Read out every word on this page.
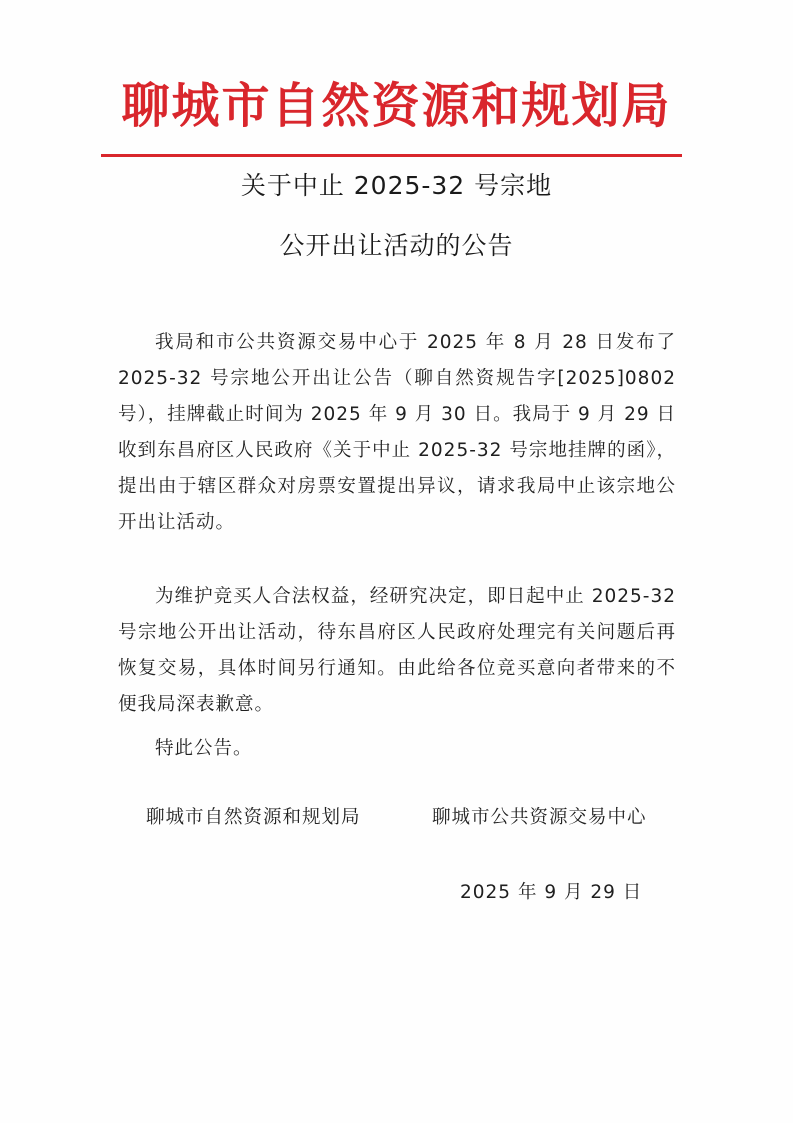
聊城市自然资源和规划局
关于中止 2025-32 号宗地
公开出让活动的公告
我局和市公共资源交易中心于 2025 年 8 月 28 日发布了 2025-32 号宗地公开出让公告（聊自然资规告字[2025]0802 号），挂牌截止时间为 2025 年 9 月 30 日。我局于 9 月 29 日收到东昌府区人民政府《关于中止 2025-32 号宗地挂牌的函》，提出由于辖区群众对房票安置提出异议，请求我局中止该宗地公开出让活动。
为维护竞买人合法权益，经研究决定，即日起中止 2025-32 号宗地公开出让活动，待东昌府区人民政府处理完有关问题后再恢复交易，具体时间另行通知。由此给各位竞买意向者带来的不便我局深表歉意。
特此公告。
聊城市自然资源和规划局	聊城市公共资源交易中心
2025 年 9 月 29 日
